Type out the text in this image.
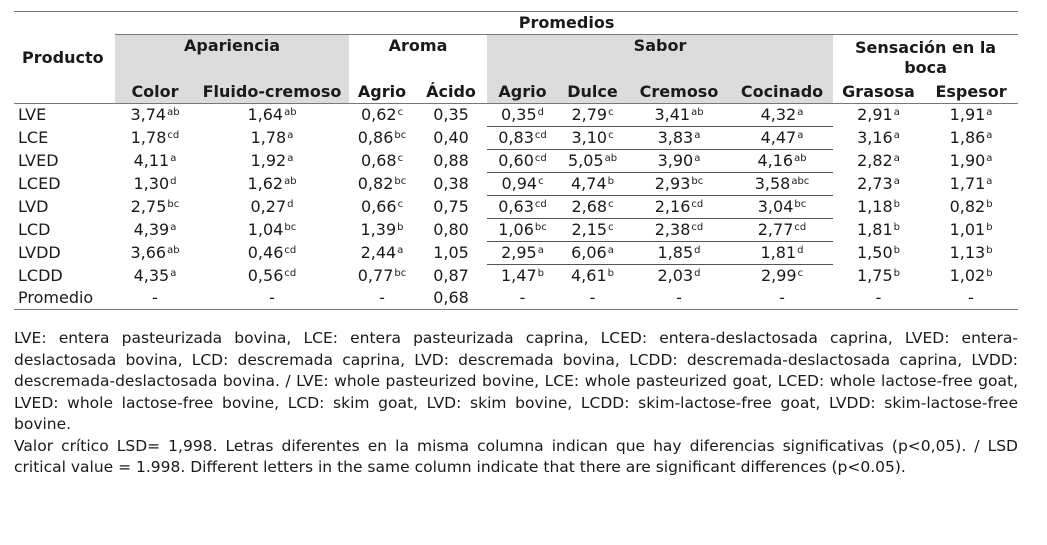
Producto	Promedios									
	Apariencia		Aroma		Sabor				Sensación en la boca	
	Color	Fluido-cremoso	Agrio	Ácido	Agrio	Dulce	Cremoso	Cocinado	Grasosa	Espesor
LVE	3,74$^{ab}$	1,64$^{ab}$	0,62$^c$	0,35	0,35$^d$	2,79$^c$	3,41$^{ab}$	4,32$^a$	2,91$^a$	1,91$^a$
LCE	1,78$^{cd}$	1,78$^a$	0,86$^{bc}$	0,40	0,83$^{cd}$	3,10$^c$	3,83$^a$	4,47$^a$	3,16$^a$	1,86$^a$
LVED	4,11$^a$	1,92$^a$	0,68$^c$	0,88	0,60$^{cd}$	5,05$^{ab}$	3,90$^a$	4,16$^{ab}$	2,82$^a$	1,90$^a$
LCED	1,30$^d$	1,62$^{ab}$	0,82$^{bc}$	0,38	0,94$^c$	4,74$^b$	2,93$^{bc}$	3,58$^{abc}$	2,73$^a$	1,71$^a$
LVD	2,75$^{bc}$	0,27$^d$	0,66$^c$	0,75	0,63$^{cd}$	2,68$^c$	2,16$^{cd}$	3,04$^{bc}$	1,18$^b$	0,82$^b$
LCD	4,39$^a$	1,04$^{bc}$	1,39$^b$	0,80	1,06$^{bc}$	2,15$^c$	2,38$^{cd}$	2,77$^{cd}$	1,81$^b$	1,01$^b$
LVDD	3,66$^{ab}$	0,46$^{cd}$	2,44$^a$	1,05	2,95$^a$	6,06$^a$	1,85$^d$	1,81$^d$	1,50$^b$	1,13$^b$
LCDD	4,35$^a$	0,56$^{cd}$	0,77$^{bc}$	0,87	1,47$^b$	4,61$^b$	2,03$^d$	2,99$^c$	1,75$^b$	1,02$^b$
Promedio	-	-	-	0,68	-	-	-	-	-	-

LVE: entera pasteurizada bovina, LCE: entera pasteurizada caprina, LCED: entera-deslactosada caprina, LVED: entera-deslactosada bovina, LCD: descremada caprina, LVD: descremada bovina, LCDD: descremada-deslactosada caprina, LVDD: descremada-deslactosada bovina. / LVE: whole pasteurized bovine, LCE: whole pasteurized goat, LCED: whole lactose-free goat, LVED: whole lactose-free bovine, LCD: skim goat, LVD: skim bovine, LCDD: skim-lactose-free goat, LVDD: skim-lactose-free bovine.

Valor crítico LSD= 1,998. Letras diferentes en la misma columna indican que hay diferencias significativas (p<0,05). / LSD critical value = 1.998. Different letters in the same column indicate that there are significant differences (p<0.05).
